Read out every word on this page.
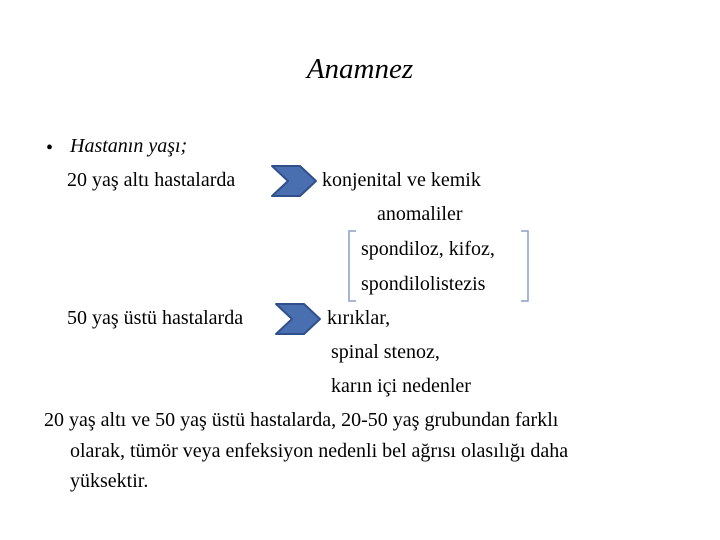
Anamnez
• Hastanın yaşı;
20 yaş altı hastalarda	konjenital ve kemik
anomaliler
spondiloz, kifoz,
spondilolistezis
50 yaş üstü hastalarda	kırıklar,
spinal stenoz,
karın içi nedenler
20 yaş altı ve 50 yaş üstü hastalarda, 20-50 yaş grubundan farklı
olarak, tümör veya enfeksiyon nedenli bel ağrısı olasılığı daha
yüksektir.
